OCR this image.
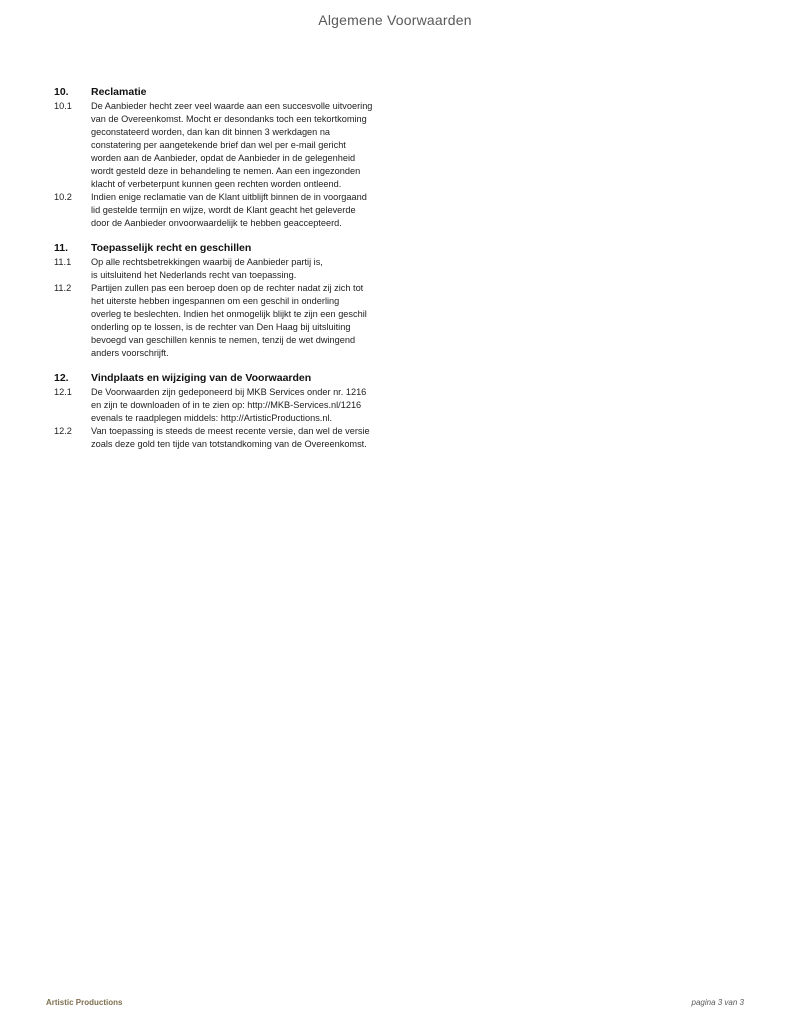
Algemene Voorwaarden
10.	Reclamatie
10.1	De Aanbieder hecht zeer veel waarde aan een succesvolle uitvoering
van de Overeenkomst. Mocht er desondanks toch een tekortkoming
geconstateerd worden, dan kan dit binnen 3 werkdagen na
constatering per aangetekende brief dan wel per e-mail gericht
worden aan de Aanbieder, opdat de Aanbieder in de gelegenheid
wordt gesteld deze in behandeling te nemen. Aan een ingezonden
klacht of verbeterpunt kunnen geen rechten worden ontleend.
10.2	Indien enige reclamatie van de Klant uitblijft binnen de in voorgaand
lid gestelde termijn en wijze, wordt de Klant geacht het geleverde
door de Aanbieder onvoorwaardelijk te hebben geaccepteerd.
11.	Toepasselijk recht en geschillen
11.1	Op alle rechtsbetrekkingen waarbij de Aanbieder partij is,
is uitsluitend het Nederlands recht van toepassing.
11.2	Partijen zullen pas een beroep doen op de rechter nadat zij zich tot
het uiterste hebben ingespannen om een geschil in onderling
overleg te beslechten. Indien het onmogelijk blijkt te zijn een geschil
onderling op te lossen, is de rechter van Den Haag bij uitsluiting
bevoegd van geschillen kennis te nemen, tenzij de wet dwingend
anders voorschrijft.
12.	Vindplaats en wijziging van de Voorwaarden
12.1	De Voorwaarden zijn gedeponeerd bij MKB Services onder nr. 1216
en zijn te downloaden of in te zien op: http://MKB-Services.nl/1216
evenals te raadplegen middels: http://ArtisticProductions.nl.
12.2	Van toepassing is steeds de meest recente versie, dan wel de versie
zoals deze gold ten tijde van totstandkoming van de Overeenkomst.
Artistic Productions	pagina 3 van 3
